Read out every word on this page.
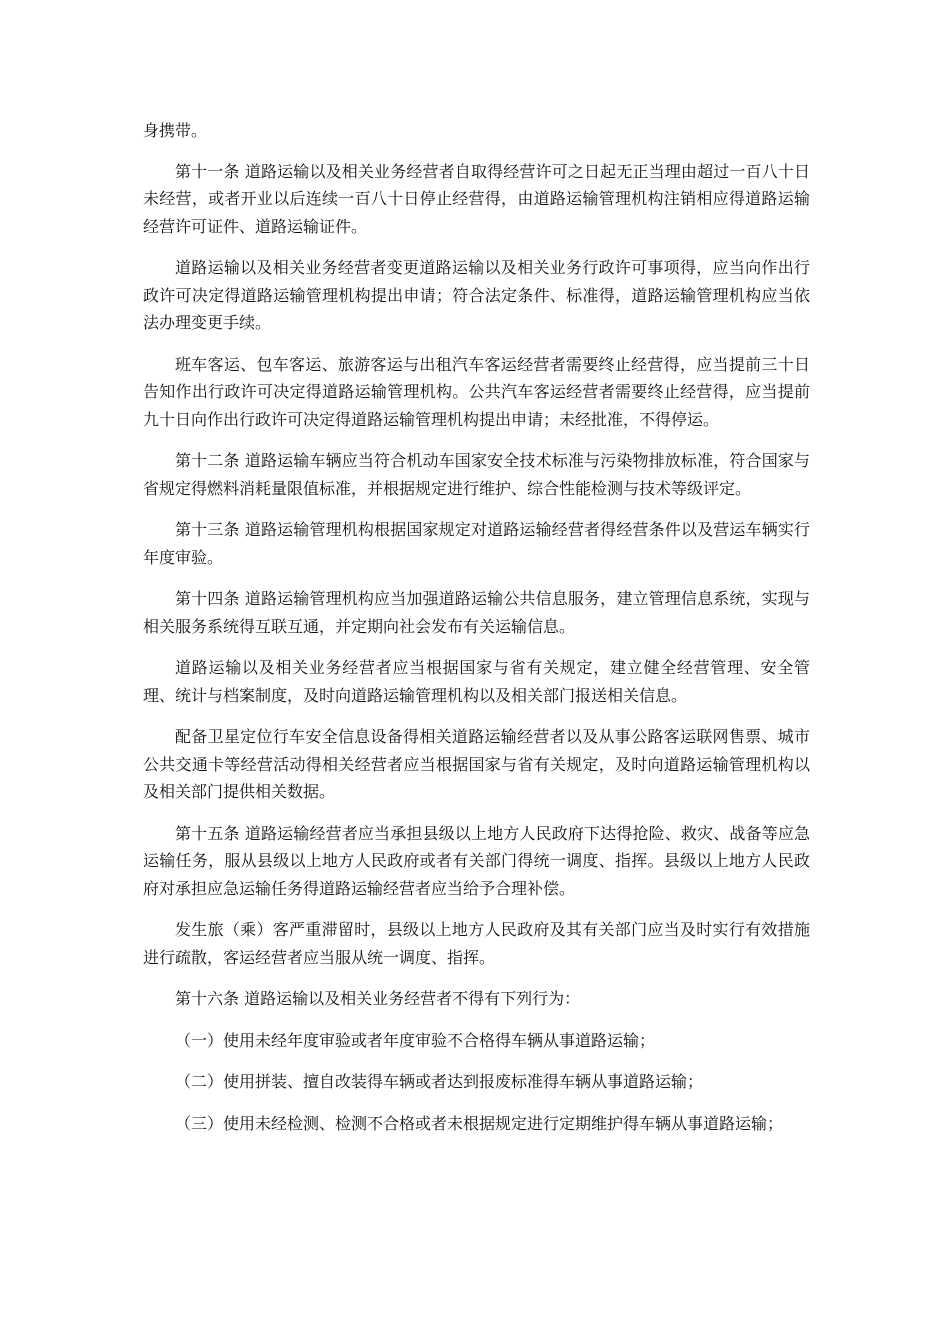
身携带。

第十一条 道路运输以及相关业务经营者自取得经营许可之日起无正当理由超过一百八十日未经营，或者开业以后连续一百八十日停止经营得，由道路运输管理机构注销相应得道路运输经营许可证件、道路运输证件。

道路运输以及相关业务经营者变更道路运输以及相关业务行政许可事项得，应当向作出行政许可决定得道路运输管理机构提出申请；符合法定条件、标准得，道路运输管理机构应当依法办理变更手续。

班车客运、包车客运、旅游客运与出租汽车客运经营者需要终止经营得，应当提前三十日告知作出行政许可决定得道路运输管理机构。公共汽车客运经营者需要终止经营得，应当提前九十日向作出行政许可决定得道路运输管理机构提出申请；未经批准，不得停运。

第十二条 道路运输车辆应当符合机动车国家安全技术标准与污染物排放标准，符合国家与省规定得燃料消耗量限值标准，并根据规定进行维护、综合性能检测与技术等级评定。

第十三条 道路运输管理机构根据国家规定对道路运输经营者得经营条件以及营运车辆实行年度审验。

第十四条 道路运输管理机构应当加强道路运输公共信息服务，建立管理信息系统，实现与相关服务系统得互联互通，并定期向社会发布有关运输信息。

道路运输以及相关业务经营者应当根据国家与省有关规定，建立健全经营管理、安全管理、统计与档案制度，及时向道路运输管理机构以及相关部门报送相关信息。

配备卫星定位行车安全信息设备得相关道路运输经营者以及从事公路客运联网售票、城市公共交通卡等经营活动得相关经营者应当根据国家与省有关规定，及时向道路运输管理机构以及相关部门提供相关数据。

第十五条 道路运输经营者应当承担县级以上地方人民政府下达得抢险、救灾、战备等应急运输任务，服从县级以上地方人民政府或者有关部门得统一调度、指挥。县级以上地方人民政府对承担应急运输任务得道路运输经营者应当给予合理补偿。

发生旅（乘）客严重滞留时，县级以上地方人民政府及其有关部门应当及时实行有效措施进行疏散，客运经营者应当服从统一调度、指挥。

第十六条 道路运输以及相关业务经营者不得有下列行为：

（一）使用未经年度审验或者年度审验不合格得车辆从事道路运输；

（二）使用拼装、擅自改装得车辆或者达到报废标准得车辆从事道路运输；

（三）使用未经检测、检测不合格或者未根据规定进行定期维护得车辆从事道路运输；
